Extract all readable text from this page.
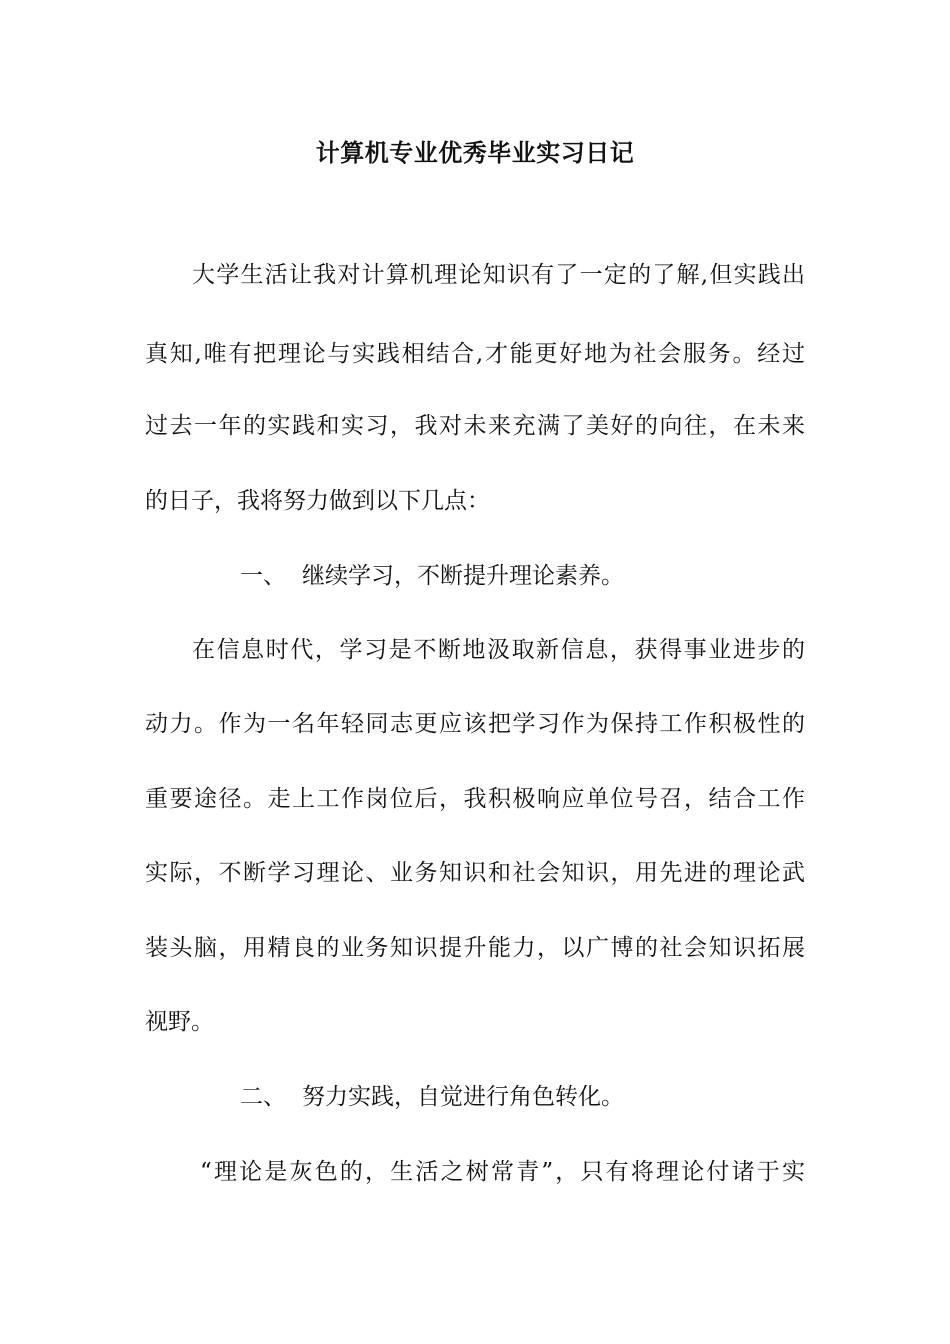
计算机专业优秀毕业实习日记
大学生活让我对计算机理论知识有了一定的了解,但实践出
真知,唯有把理论与实践相结合,才能更好地为社会服务。经过
过去一年的实践和实习，我对未来充满了美好的向往，在未来
的日子，我将努力做到以下几点：
一、 继续学习，不断提升理论素养。
在信息时代，学习是不断地汲取新信息，获得事业进步的
动力。作为一名年轻同志更应该把学习作为保持工作积极性的
重要途径。走上工作岗位后，我积极响应单位号召，结合工作
实际，不断学习理论、业务知识和社会知识，用先进的理论武
装头脑，用精良的业务知识提升能力，以广博的社会知识拓展
视野。
二、 努力实践，自觉进行角色转化。
“理论是灰色的，生活之树常青”，只有将理论付诸于实
